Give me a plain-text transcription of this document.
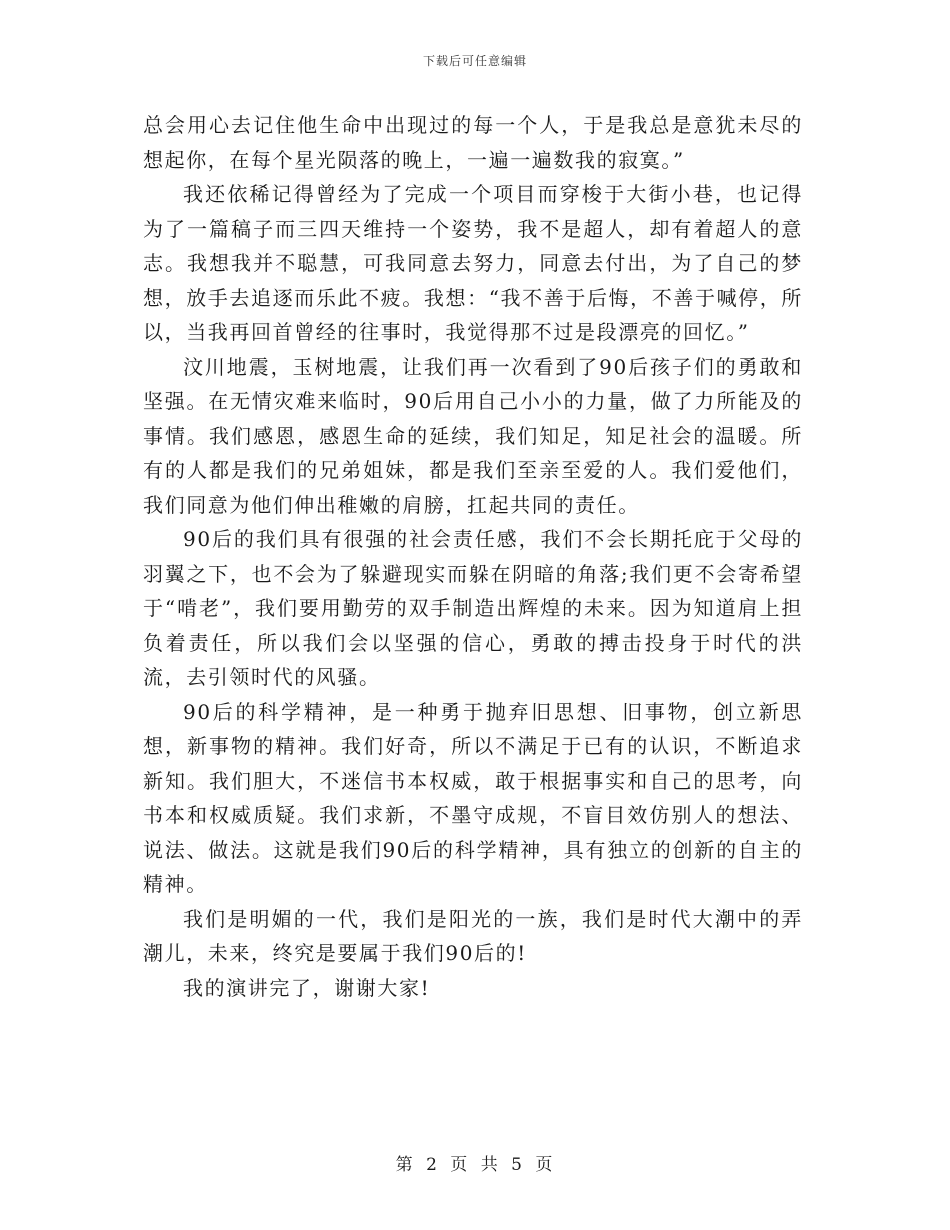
下载后可任意编辑

总会用心去记住他生命中出现过的每一个人，于是我总是意犹未尽的想起你，在每个星光陨落的晚上，一遍一遍数我的寂寞。”

我还依稀记得曾经为了完成一个项目而穿梭于大街小巷，也记得为了一篇稿子而三四天维持一个姿势，我不是超人，却有着超人的意志。我想我并不聪慧，可我同意去努力，同意去付出，为了自己的梦想，放手去追逐而乐此不疲。我想：“我不善于后悔，不善于喊停，所以，当我再回首曾经的往事时，我觉得那不过是段漂亮的回忆。”

汶川地震，玉树地震，让我们再一次看到了90后孩子们的勇敢和坚强。在无情灾难来临时，90后用自己小小的力量，做了力所能及的事情。我们感恩，感恩生命的延续，我们知足，知足社会的温暖。所有的人都是我们的兄弟姐妹，都是我们至亲至爱的人。我们爱他们，我们同意为他们伸出稚嫩的肩膀，扛起共同的责任。

90后的我们具有很强的社会责任感，我们不会长期托庇于父母的羽翼之下，也不会为了躲避现实而躲在阴暗的角落;我们更不会寄希望于“啃老”，我们要用勤劳的双手制造出辉煌的未来。因为知道肩上担负着责任，所以我们会以坚强的信心，勇敢的搏击投身于时代的洪流，去引领时代的风骚。

90后的科学精神，是一种勇于抛弃旧思想、旧事物，创立新思想，新事物的精神。我们好奇，所以不满足于已有的认识，不断追求新知。我们胆大，不迷信书本权威，敢于根据事实和自己的思考，向书本和权威质疑。我们求新，不墨守成规，不盲目效仿别人的想法、说法、做法。这就是我们90后的科学精神，具有独立的创新的自主的精神。

我们是明媚的一代，我们是阳光的一族，我们是时代大潮中的弄潮儿，未来，终究是要属于我们90后的!

我的演讲完了，谢谢大家!

第 2 页 共 5 页
